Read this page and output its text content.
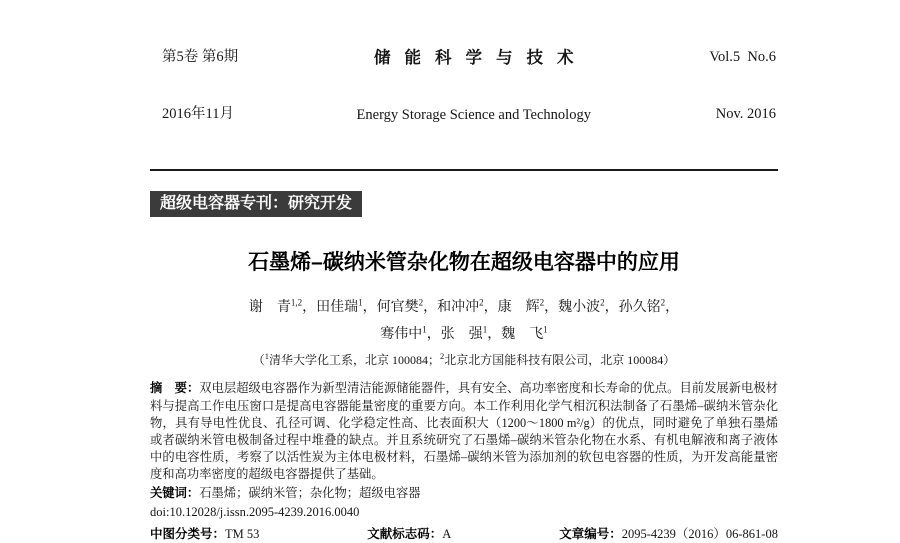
第5卷 第6期

2016年11月

储能科学与技术

Energy Storage Science and Technology

Vol.5  No.6

Nov. 2016

超级电容器专刊：研究开发
石墨烯–碳纳米管杂化物在超级电容器中的应用
谢　青$^{1,2}$，田佳瑞$^1$，何官樊$^2$，和冲冲$^2$，康　辉$^2$，魏小波$^2$，孙久铭$^2$，
骞伟中$^1$，张　强$^1$，魏　飞$^1$
（$^1$清华大学化工系，北京 100084；$^2$北京北方国能科技有限公司，北京 100084）
摘　要：双电层超级电容器作为新型清洁能源储能器件，具有安全、高功率密度和长寿命的优点。目前发展新电极材料与提高工作电压窗口是提高电容器能量密度的重要方向。本工作利用化学气相沉积法制备了石墨烯–碳纳米管杂化物，具有导电性优良、孔径可调、化学稳定性高、比表面积大（1200～1800 m²/g）的优点，同时避免了单独石墨烯或者碳纳米管电极制备过程中堆叠的缺点。并且系统研究了石墨烯–碳纳米管杂化物在水系、有机电解液和离子液体中的电容性质，考察了以活性炭为主体电极材料，石墨烯–碳纳米管为添加剂的软包电容器的性质，为开发高能量密度和高功率密度的超级电容器提供了基础。
关键词：石墨烯；碳纳米管；杂化物；超级电容器
doi:10.12028/j.issn.2095-4239.2016.0040
中图分类号：TM 53	文献标志码：A	文章编号：2095-4239（2016）06-861-08
